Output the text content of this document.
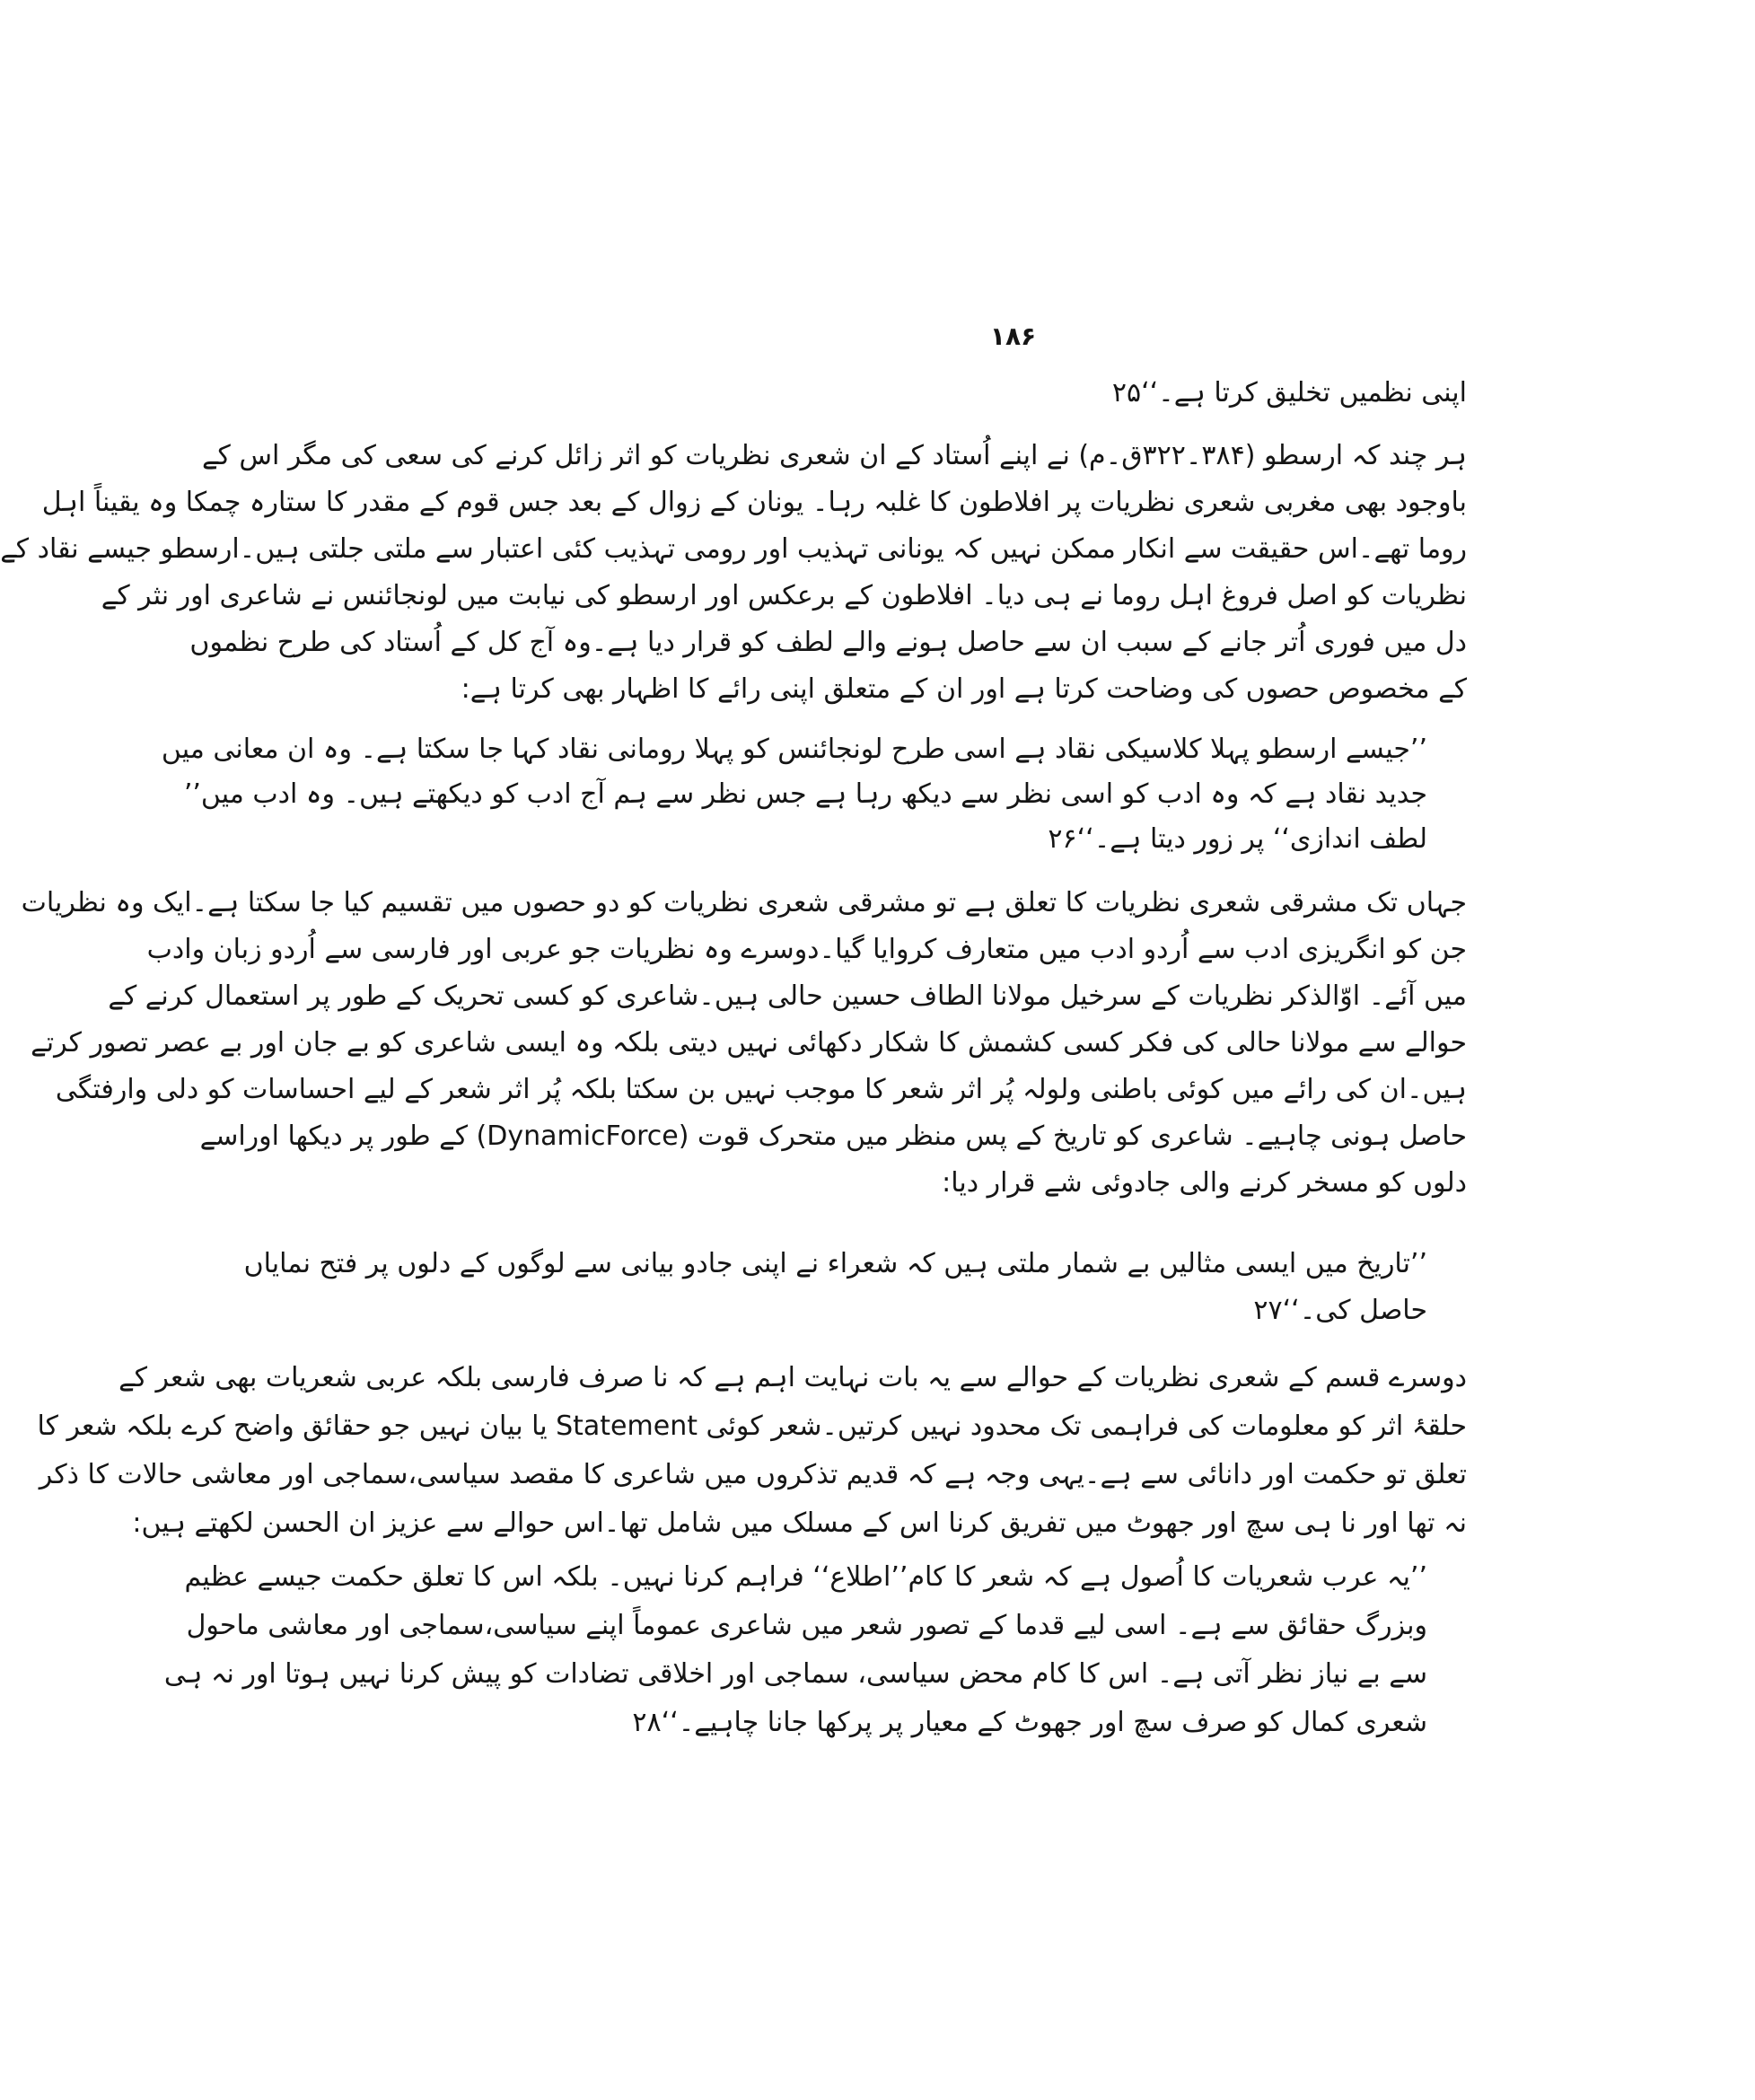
۱۸۶
اپنی نظمیں تخلیق کرتا ہے۔‘‘۲۵
ہر چند کہ ارسطو (۳۸۴۔۳۲۲ق۔م) نے اپنے اُستاد کے ان شعری نظریات کو اثر زائل کرنے کی سعی کی مگر اس کے
باوجود بھی مغربی شعری نظریات پر افلاطون کا غلبہ رہا۔ یونان کے زوال کے بعد جس قوم کے مقدر کا ستارہ چمکا وہ یقیناً اہل
روما تھے۔اس حقیقت سے انکار ممکن نہیں کہ یونانی تہذیب اور رومی تہذیب کئی اعتبار سے ملتی جلتی ہیں۔ارسطو جیسے نقاد کے
نظریات کو اصل فروغ اہل روما نے ہی دیا۔ افلاطون کے برعکس اور ارسطو کی نیابت میں لونجائنس نے شاعری اور نثر کے
دل میں فوری اُتر جانے کے سبب ان سے حاصل ہونے والے لطف کو قرار دیا ہے۔وہ آج کل کے اُستاد کی طرح نظموں
کے مخصوص حصوں کی وضاحت کرتا ہے اور ان کے متعلق اپنی رائے کا اظہار بھی کرتا ہے:
’’جیسے ارسطو پہلا کلاسیکی نقاد ہے اسی طرح لونجائنس کو پہلا رومانی نقاد کہا جا سکتا ہے۔ وہ ان معانی میں
جدید نقاد ہے کہ وہ ادب کو اسی نظر سے دیکھ رہا ہے جس نظر سے ہم آج ادب کو دیکھتے ہیں۔ وہ ادب میں’’
لطف اندازی‘‘ پر زور دیتا ہے۔‘‘۲۶
جہاں تک مشرقی شعری نظریات کا تعلق ہے تو مشرقی شعری نظریات کو دو حصوں میں تقسیم کیا جا سکتا ہے۔ایک وہ نظریات
جن کو انگریزی ادب سے اُردو ادب میں متعارف کروایا گیا۔دوسرے وہ نظریات جو عربی اور فارسی سے اُردو زبان وادب
میں آئے۔ اوّالذکر نظریات کے سرخیل مولانا الطاف حسین حالی ہیں۔شاعری کو کسی تحریک کے طور پر استعمال کرنے کے
حوالے سے مولانا حالی کی فکر کسی کشمش کا شکار دکھائی نہیں دیتی بلکہ وہ ایسی شاعری کو بے جان اور بے عصر تصور کرتے
ہیں۔ان کی رائے میں کوئی باطنی ولولہ پُر اثر شعر کا موجب نہیں بن سکتا بلکہ پُر اثر شعر کے لیے احساسات کو دلی وارفتگی
حاصل ہونی چاہیے۔ شاعری کو تاریخ کے پس منظر میں متحرک قوت (DynamicForce) کے طور پر دیکھا اوراسے
دلوں کو مسخر کرنے والی جادوئی شے قرار دیا:
’’تاریخ میں ایسی مثالیں بے شمار ملتی ہیں کہ شعراء نے اپنی جادو بیانی سے لوگوں کے دلوں پر فتح نمایاں
حاصل کی۔‘‘۲۷
دوسرے قسم کے شعری نظریات کے حوالے سے یہ بات نہایت اہم ہے کہ نا صرف فارسی بلکہ عربی شعریات بھی شعر کے
حلقۂ اثر کو معلومات کی فراہمی تک محدود نہیں کرتیں۔شعر کوئی Statement یا بیان نہیں جو حقائق واضح کرے بلکہ شعر کا
تعلق تو حکمت اور دانائی سے ہے۔یہی وجہ ہے کہ قدیم تذکروں میں شاعری کا مقصد سیاسی،سماجی اور معاشی حالات کا ذکر
نہ تھا اور نا ہی سچ اور جھوٹ میں تفریق کرنا اس کے مسلک میں شامل تھا۔اس حوالے سے عزیز ان الحسن لکھتے ہیں:
’’یہ عرب شعریات کا اُصول ہے کہ شعر کا کام’’اطلاع‘‘ فراہم کرنا نہیں۔ بلکہ اس کا تعلق حکمت جیسے عظیم
وبزرگ حقائق سے ہے۔ اسی لیے قدما کے تصور شعر میں شاعری عموماً اپنے سیاسی،سماجی اور معاشی ماحول
سے بے نیاز نظر آتی ہے۔ اس کا کام محض سیاسی، سماجی اور اخلاقی تضادات کو پیش کرنا نہیں ہوتا اور نہ ہی
شعری کمال کو صرف سچ اور جھوٹ کے معیار پر پرکھا جانا چاہیے۔‘‘۲۸
